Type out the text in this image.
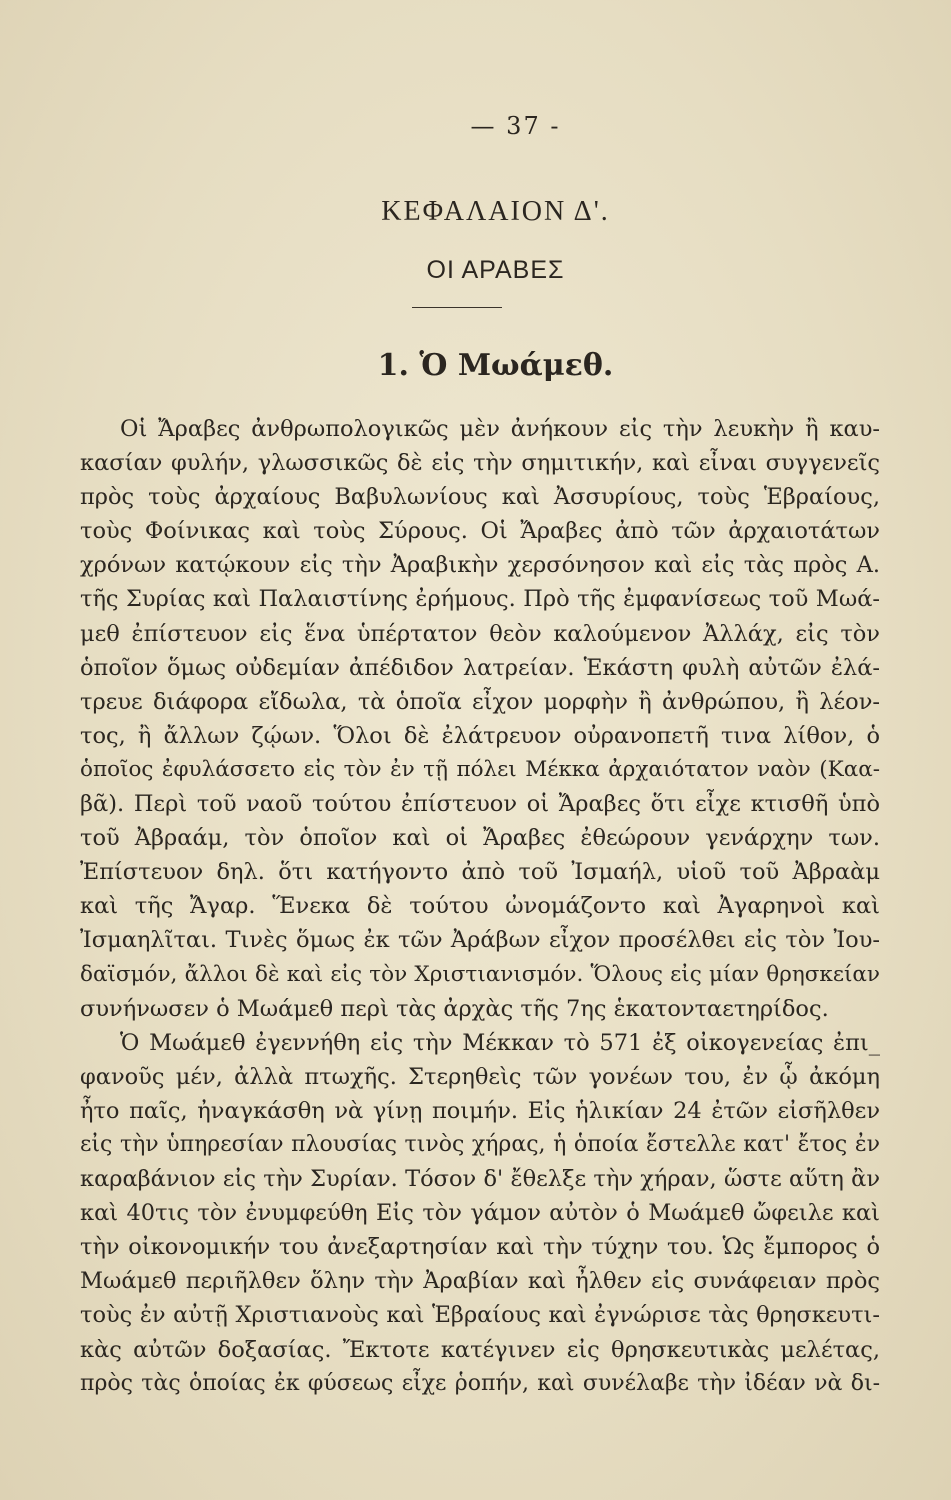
— 37 -
ΚΕΦΑΛΑΙΟΝ Δ'.
ΟΙ ΑΡΑΒΕΣ
1. Ὁ Μωάμεθ.
Οἱ Ἄραβες ἀνθρωπολογικῶς μὲν ἀνήκουν εἰς τὴν λευκὴν ἢ καυ-
κασίαν φυλήν, γλωσσικῶς δὲ εἰς τὴν σημιτικήν, καὶ εἶναι συγγενεῖς
πρὸς τοὺς ἀρχαίους Βαβυλωνίους καὶ Ἀσσυρίους, τοὺς Ἑβραίους,
τοὺς Φοίνικας καὶ τοὺς Σύρους. Οἱ Ἄραβες ἀπὸ τῶν ἀρχαιοτάτων
χρόνων κατῴκουν εἰς τὴν Ἀραβικὴν χερσόνησον καὶ εἰς τὰς πρὸς Α.
τῆς Συρίας καὶ Παλαιστίνης ἐρήμους. Πρὸ τῆς ἐμφανίσεως τοῦ Μωά-
μεθ ἐπίστευον εἰς ἕνα ὑπέρτατον θεὸν καλούμενον Ἀλλάχ, εἰς τὸν
ὁποῖον ὅμως οὐδεμίαν ἀπέδιδον λατρείαν. Ἑκάστη φυλὴ αὐτῶν ἐλά-
τρευε διάφορα εἴδωλα, τὰ ὁποῖα εἶχον μορφὴν ἢ ἀνθρώπου, ἢ λέον-
τος, ἢ ἄλλων ζῴων. Ὅλοι δὲ ἐλάτρευον οὐρανοπετῆ τινα λίθον, ὁ
ὁποῖος ἐφυλάσσετο εἰς τὸν ἐν τῇ πόλει Μέκκα ἀρχαιότατον ναὸν (Καα-
βᾶ). Περὶ τοῦ ναοῦ τούτου ἐπίστευον οἱ Ἄραβες ὅτι εἶχε κτισθῆ ὑπὸ
τοῦ Ἀβραάμ, τὸν ὁποῖον καὶ οἱ Ἄραβες ἐθεώρουν γενάρχην των.
Ἐπίστευον δηλ. ὅτι κατήγοντο ἀπὸ τοῦ Ἰσμαήλ, υἱοῦ τοῦ Ἀβραὰμ
καὶ τῆς Ἄγαρ. Ἕνεκα δὲ τούτου ὠνομάζοντο καὶ Ἀγαρηνοὶ καὶ
Ἰσμαηλῖται. Τινὲς ὅμως ἐκ τῶν Ἀράβων εἶχον προσέλθει εἰς τὸν Ἰου-
δαϊσμόν, ἄλλοι δὲ καὶ εἰς τὸν Χριστιανισμόν. Ὅλους εἰς μίαν θρησκείαν
συνήνωσεν ὁ Μωάμεθ περὶ τὰς ἀρχὰς τῆς 7ης ἑκατονταετηρίδος.
Ὁ Μωάμεθ ἐγεννήθη εἰς τὴν Μέκκαν τὸ 571 ἐξ οἰκογενείας ἐπι_
φανοῦς μέν, ἀλλὰ πτωχῆς. Στερηθεὶς τῶν γονέων του, ἐν ᾧ ἀκόμη
ἦτο παῖς, ἠναγκάσθη νὰ γίνῃ ποιμήν. Εἰς ἡλικίαν 24 ἐτῶν εἰσῆλθεν
εἰς τὴν ὑπηρεσίαν πλουσίας τινὸς χήρας, ἡ ὁποία ἔστελλε κατ' ἔτος ἐν
καραβάνιον εἰς τὴν Συρίαν. Τόσον δ' ἔθελξε τὴν χήραν, ὥστε αὕτη ἂν
καὶ 40τις τὸν ἐνυμφεύθη Εἰς τὸν γάμον αὐτὸν ὁ Μωάμεθ ὤφειλε καὶ
τὴν οἰκονομικήν του ἀνεξαρτησίαν καὶ τὴν τύχην του. Ὡς ἔμπορος ὁ
Μωάμεθ περιῆλθεν ὅλην τὴν Ἀραβίαν καὶ ἦλθεν εἰς συνάφειαν πρὸς
τοὺς ἐν αὐτῇ Χριστιανοὺς καὶ Ἑβραίους καὶ ἐγνώρισε τὰς θρησκευτι-
κὰς αὐτῶν δοξασίας. Ἔκτοτε κατέγινεν εἰς θρησκευτικὰς μελέτας,
πρὸς τὰς ὁποίας ἐκ φύσεως εἶχε ῥοπήν, καὶ συνέλαβε τὴν ἰδέαν νὰ δι-
